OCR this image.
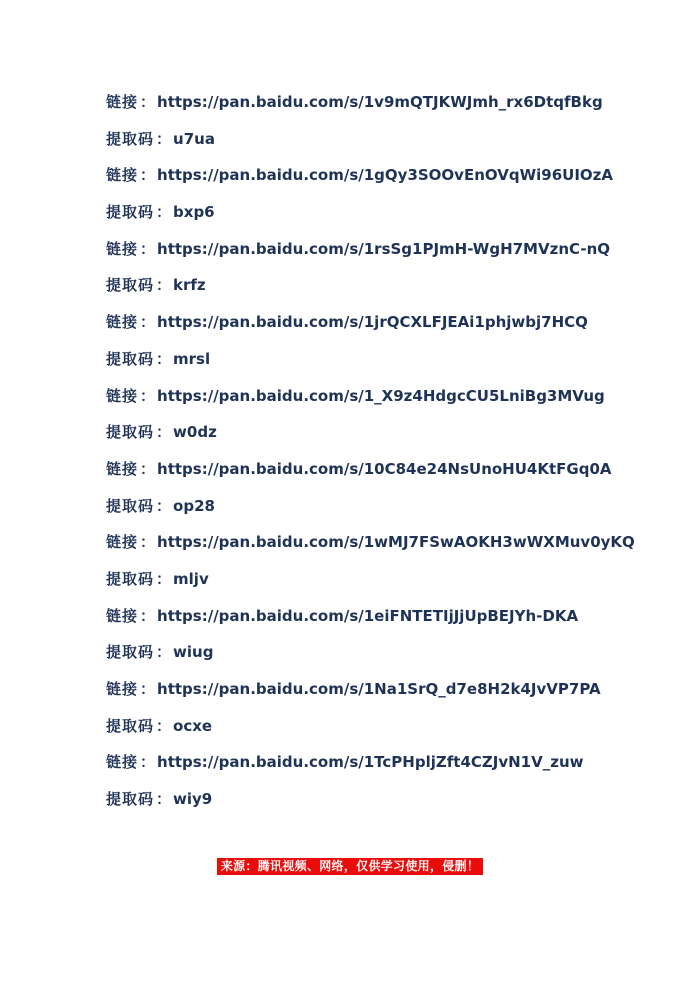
链接 ： https://pan.baidu.com/s/1v9mQTJKWJmh_rx6DtqfBkg
提取码 ： u7ua
链接 ： https://pan.baidu.com/s/1gQy3SOOvEnOVqWi96UIOzA
提取码 ： bxp6
链接 ： https://pan.baidu.com/s/1rsSg1PJmH-WgH7MVznC-nQ
提取码 ： krfz
链接 ： https://pan.baidu.com/s/1jrQCXLFJEAi1phjwbj7HCQ
提取码 ： mrsl
链接 ： https://pan.baidu.com/s/1_X9z4HdgcCU5LniBg3MVug
提取码 ： w0dz
链接 ： https://pan.baidu.com/s/10C84e24NsUnoHU4KtFGq0A
提取码 ： op28
链接 ： https://pan.baidu.com/s/1wMJ7FSwAOKH3wWXMuv0yKQ
提取码 ： mljv
链接 ： https://pan.baidu.com/s/1eiFNTETIjJjUpBEJYh-DKA
提取码 ： wiug
链接 ： https://pan.baidu.com/s/1Na1SrQ_d7e8H2k4JvVP7PA
提取码 ： ocxe
链接 ： https://pan.baidu.com/s/1TcPHpljZft4CZJvN1V_zuw
提取码 ： wiy9
来源：腾讯视频、网络，仅供学习使用，侵删！
